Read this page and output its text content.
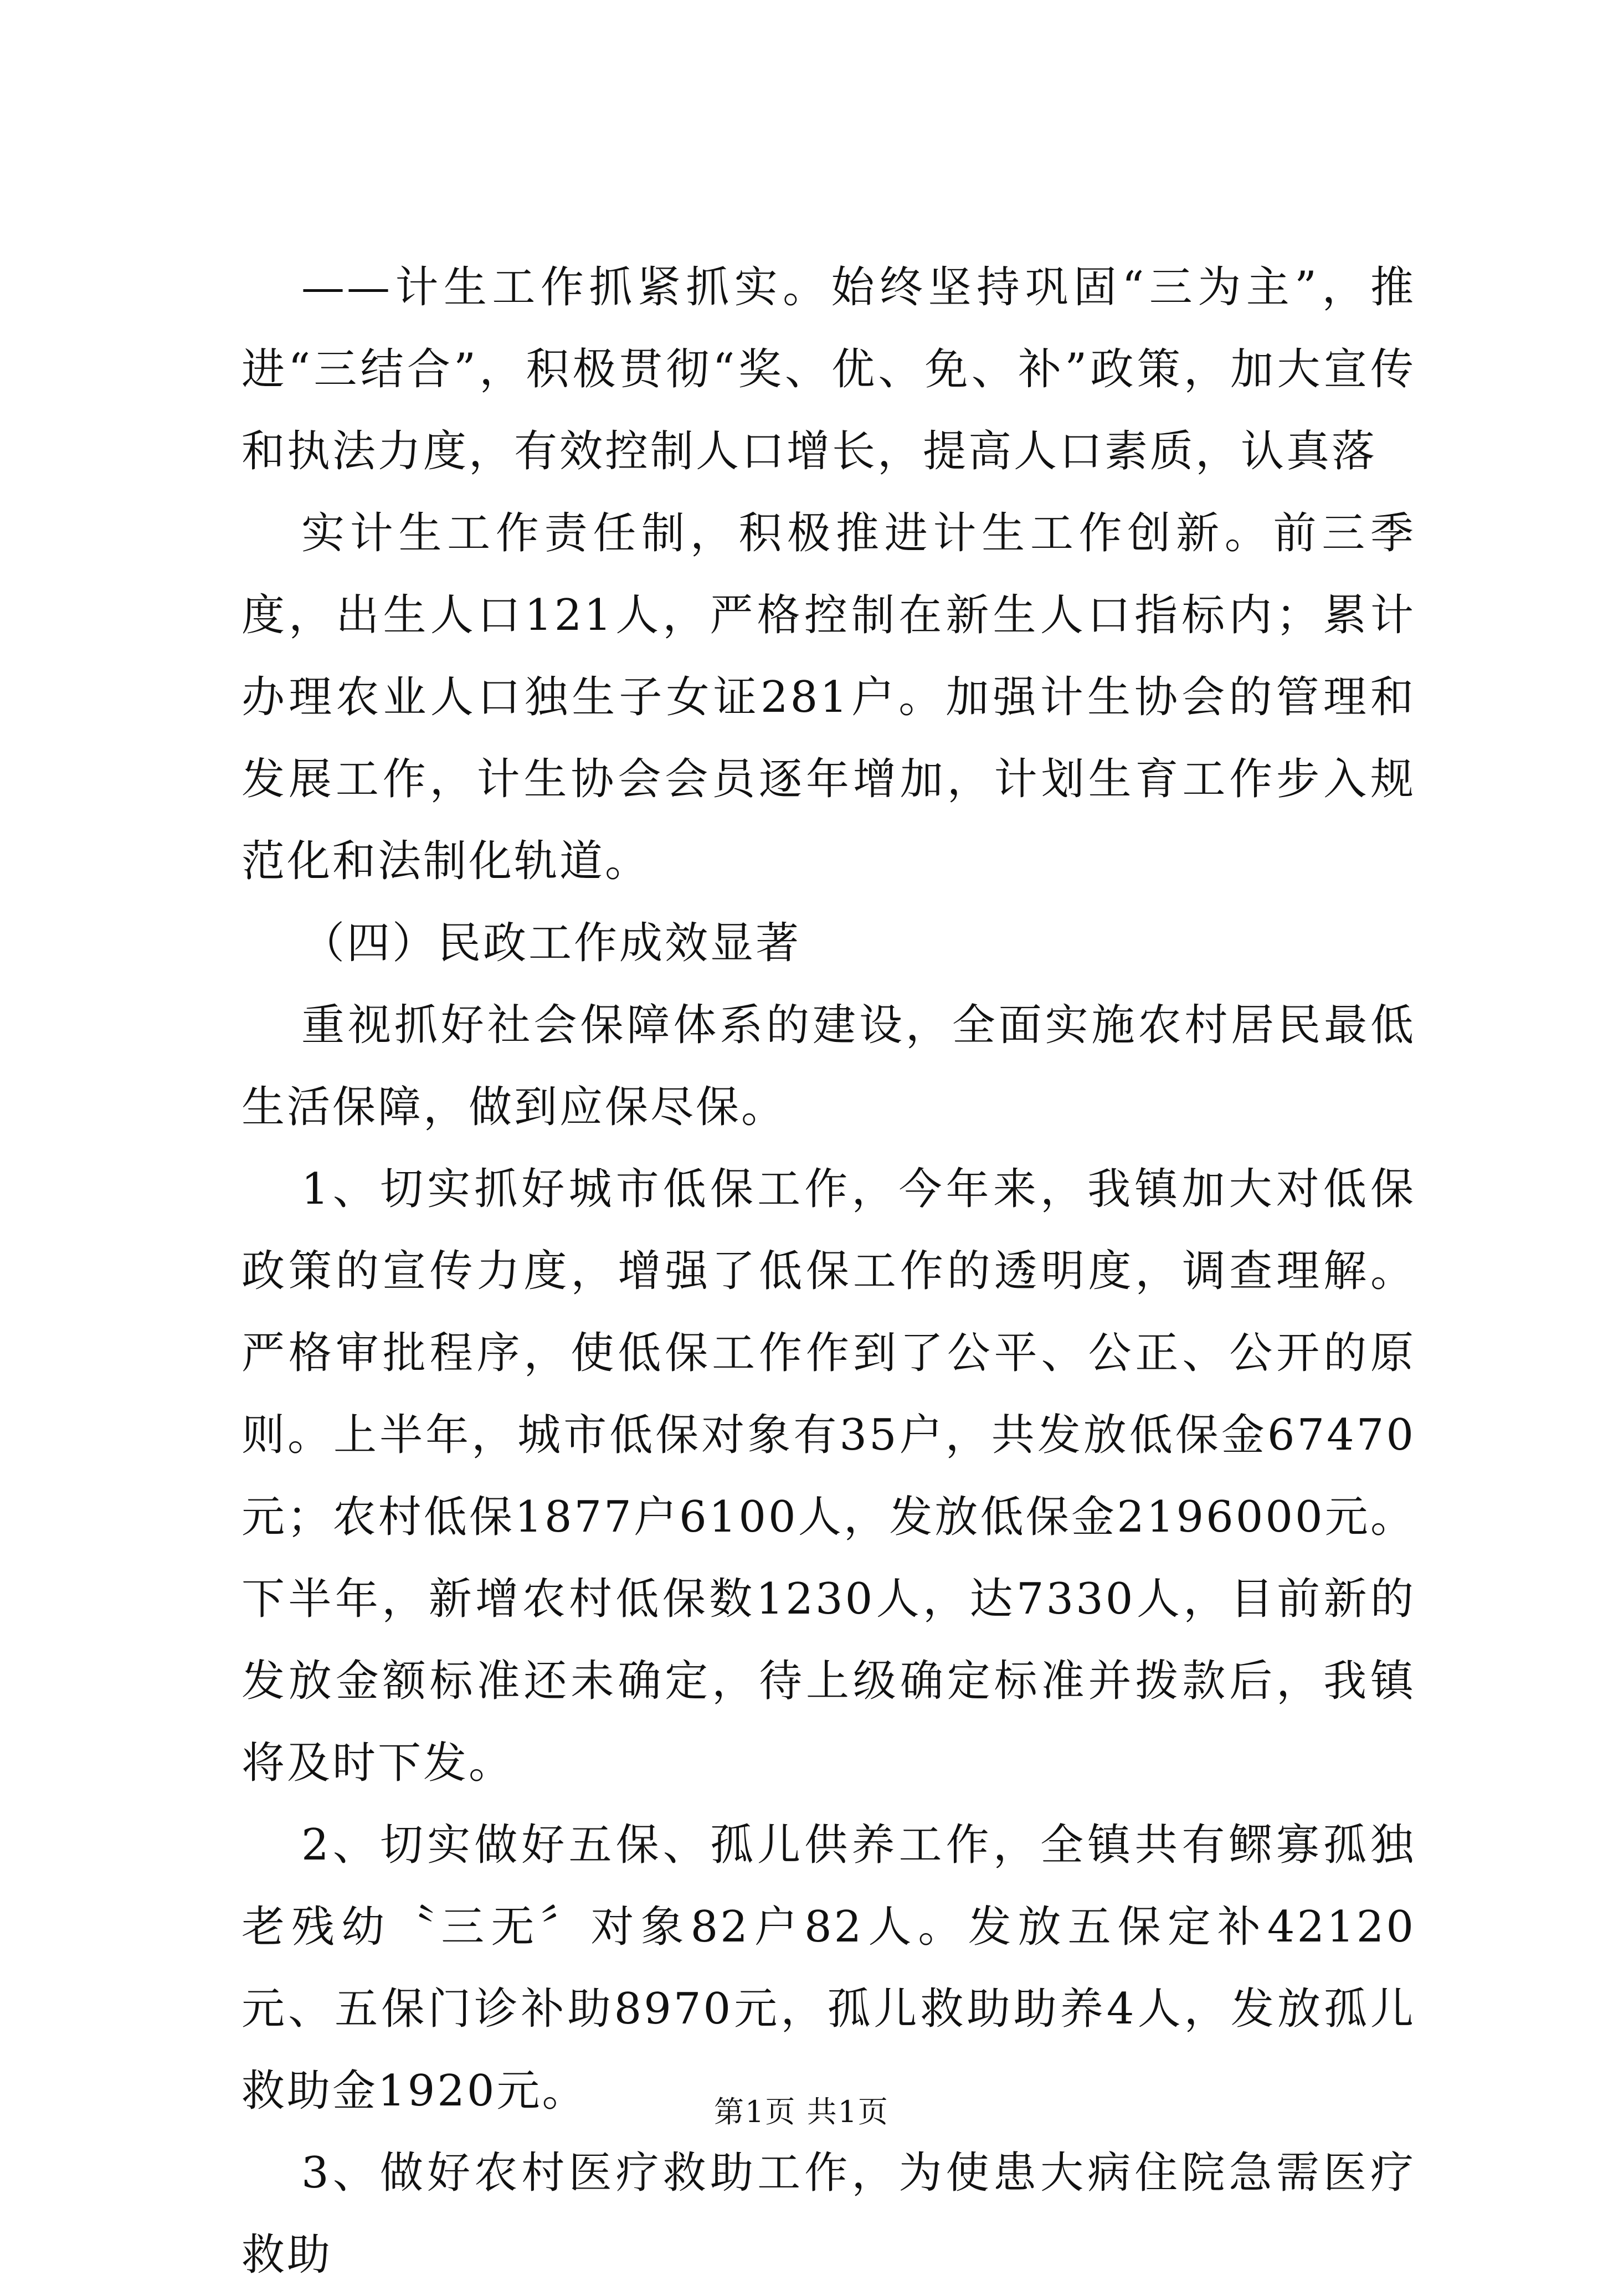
——计生工作抓紧抓实。始终坚持巩固“三为主”，推进“三结合”，积极贯彻“奖、优、免、补”政策，加大宣传和执法力度，有效控制人口增长，提高人口素质，认真落

实计生工作责任制，积极推进计生工作创新。前三季度，出生人口121人，严格控制在新生人口指标内；累计办理农业人口独生子女证281户。加强计生协会的管理和发展工作，计生协会会员逐年增加，计划生育工作步入规范化和法制化轨道。

（四）民政工作成效显著

重视抓好社会保障体系的建设，全面实施农村居民最低生活保障，做到应保尽保。

1、切实抓好城市低保工作，今年来，我镇加大对低保政策的宣传力度，增强了低保工作的透明度，调查理解。严格审批程序，使低保工作作到了公平、公正、公开的原则。上半年，城市低保对象有35户，共发放低保金67470元；农村低保1877户6100人，发放低保金2196000元。下半年，新增农村低保数1230人，达7330人，目前新的发放金额标准还未确定，待上级确定标准并拨款后，我镇将及时下发。

2、切实做好五保、孤儿供养工作，全镇共有鳏寡孤独老残幼〝三无〞对象82户82人。发放五保定补42120元、五保门诊补助8970元，孤儿救助助养4人，发放孤儿救助金1920元。

3、做好农村医疗救助工作，为使患大病住院急需医疗救助

第1页 共1页
